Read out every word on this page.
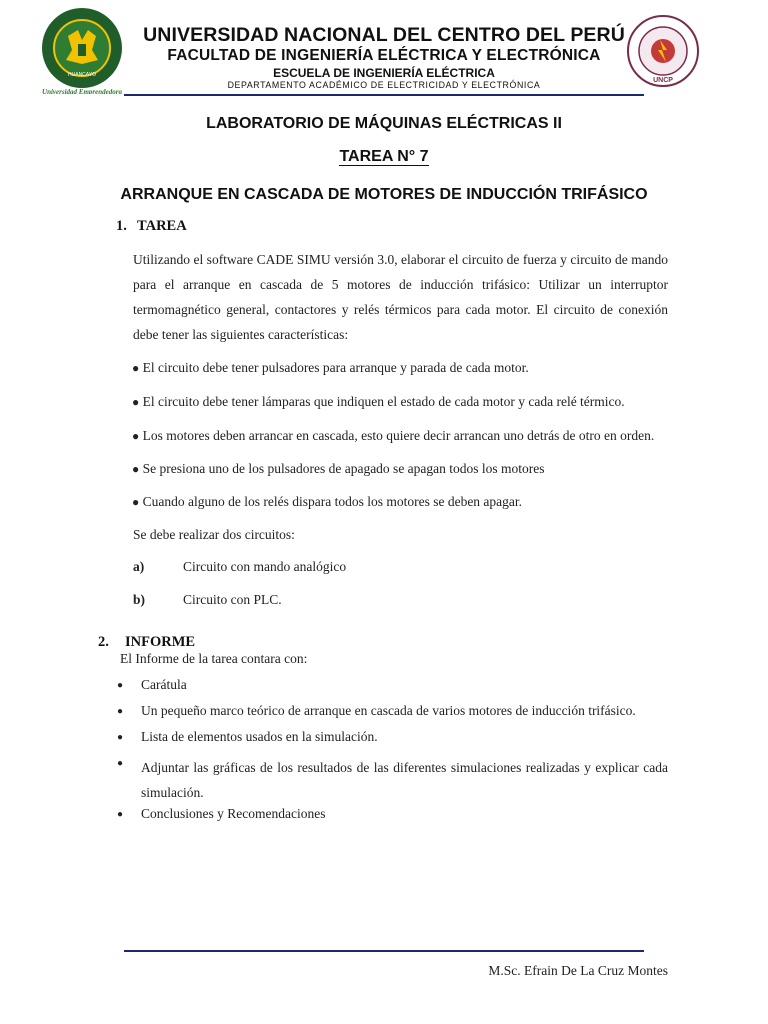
HUANCAYO
Universidad Emprendedora
UNCP
UNIVERSIDAD NACIONAL DEL CENTRO DEL PERÚ
FACULTAD DE INGENIERÍA ELÉCTRICA Y ELECTRÓNICA
ESCUELA DE INGENIERÍA ELÉCTRICA
DEPARTAMENTO ACADÉMICO DE ELECTRICIDAD Y ELECTRÓNICA
LABORATORIO DE MÁQUINAS ELÉCTRICAS II
TAREA N° 7
ARRANQUE EN CASCADA DE MOTORES DE INDUCCIÓN TRIFÁSICO
1. TAREA
Utilizando el software CADE SIMU versión 3.0, elaborar el circuito de fuerza y circuito de mando para el arranque en cascada de 5 motores de inducción trifásico: Utilizar un interruptor termomagnético general, contactores y relés térmicos para cada motor. El circuito de conexión debe tener las siguientes características:
● El circuito debe tener pulsadores para arranque y parada de cada motor.
● El circuito debe tener lámparas que indiquen el estado de cada motor y cada relé térmico.
● Los motores deben arrancar en cascada, esto quiere decir arrancan uno detrás de otro en orden.
● Se presiona uno de los pulsadores de apagado se apagan todos los motores
● Cuando alguno de los relés dispara todos los motores se deben apagar.
Se debe realizar dos circuitos:
a)	Circuito con mando analógico
b)	Circuito con PLC.
2. INFORME
El Informe de la tarea contara con:
● Carátula
● Un pequeño marco teórico de arranque en cascada de varios motores de inducción trifásico.
● Lista de elementos usados en la simulación.
● Adjuntar las gráficas de los resultados de las diferentes simulaciones realizadas y explicar cada simulación.
● Conclusiones y Recomendaciones
M.Sc. Efrain De La Cruz Montes
